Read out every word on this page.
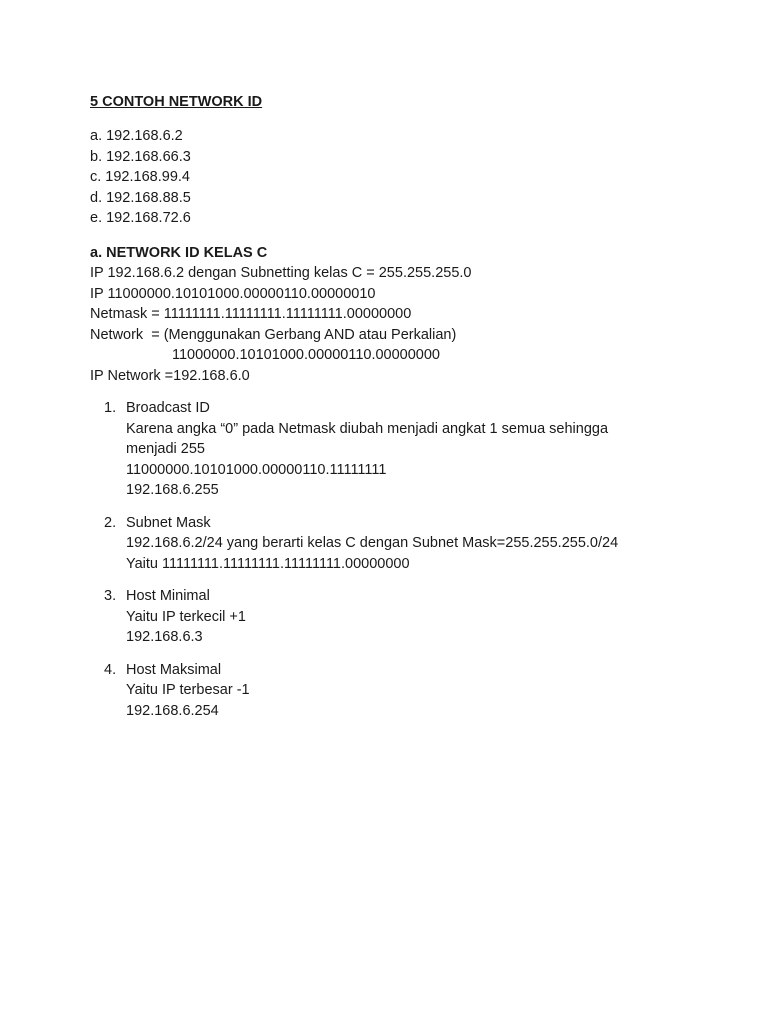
5 CONTOH NETWORK ID
a. 192.168.6.2
b. 192.168.66.3
c. 192.168.99.4
d. 192.168.88.5
e. 192.168.72.6
a. NETWORK ID KELAS C
IP 192.168.6.2 dengan Subnetting kelas C = 255.255.255.0
IP 11000000.10101000.00000110.00000010
Netmask = 11111111.11111111.11111111.00000000
Network  = (Menggunakan Gerbang AND atau Perkalian)
11000000.10101000.00000110.00000000
IP Network =192.168.6.0
1. Broadcast ID
Karena angka “0” pada Netmask diubah menjadi angkat 1 semua sehingga menjadi 255
11000000.10101000.00000110.11111111
192.168.6.255
2. Subnet Mask
192.168.6.2/24 yang berarti kelas C dengan Subnet Mask=255.255.255.0/24
Yaitu 11111111.11111111.11111111.00000000
3. Host Minimal
Yaitu IP terkecil +1
192.168.6.3
4. Host Maksimal
Yaitu IP terbesar -1
192.168.6.254
